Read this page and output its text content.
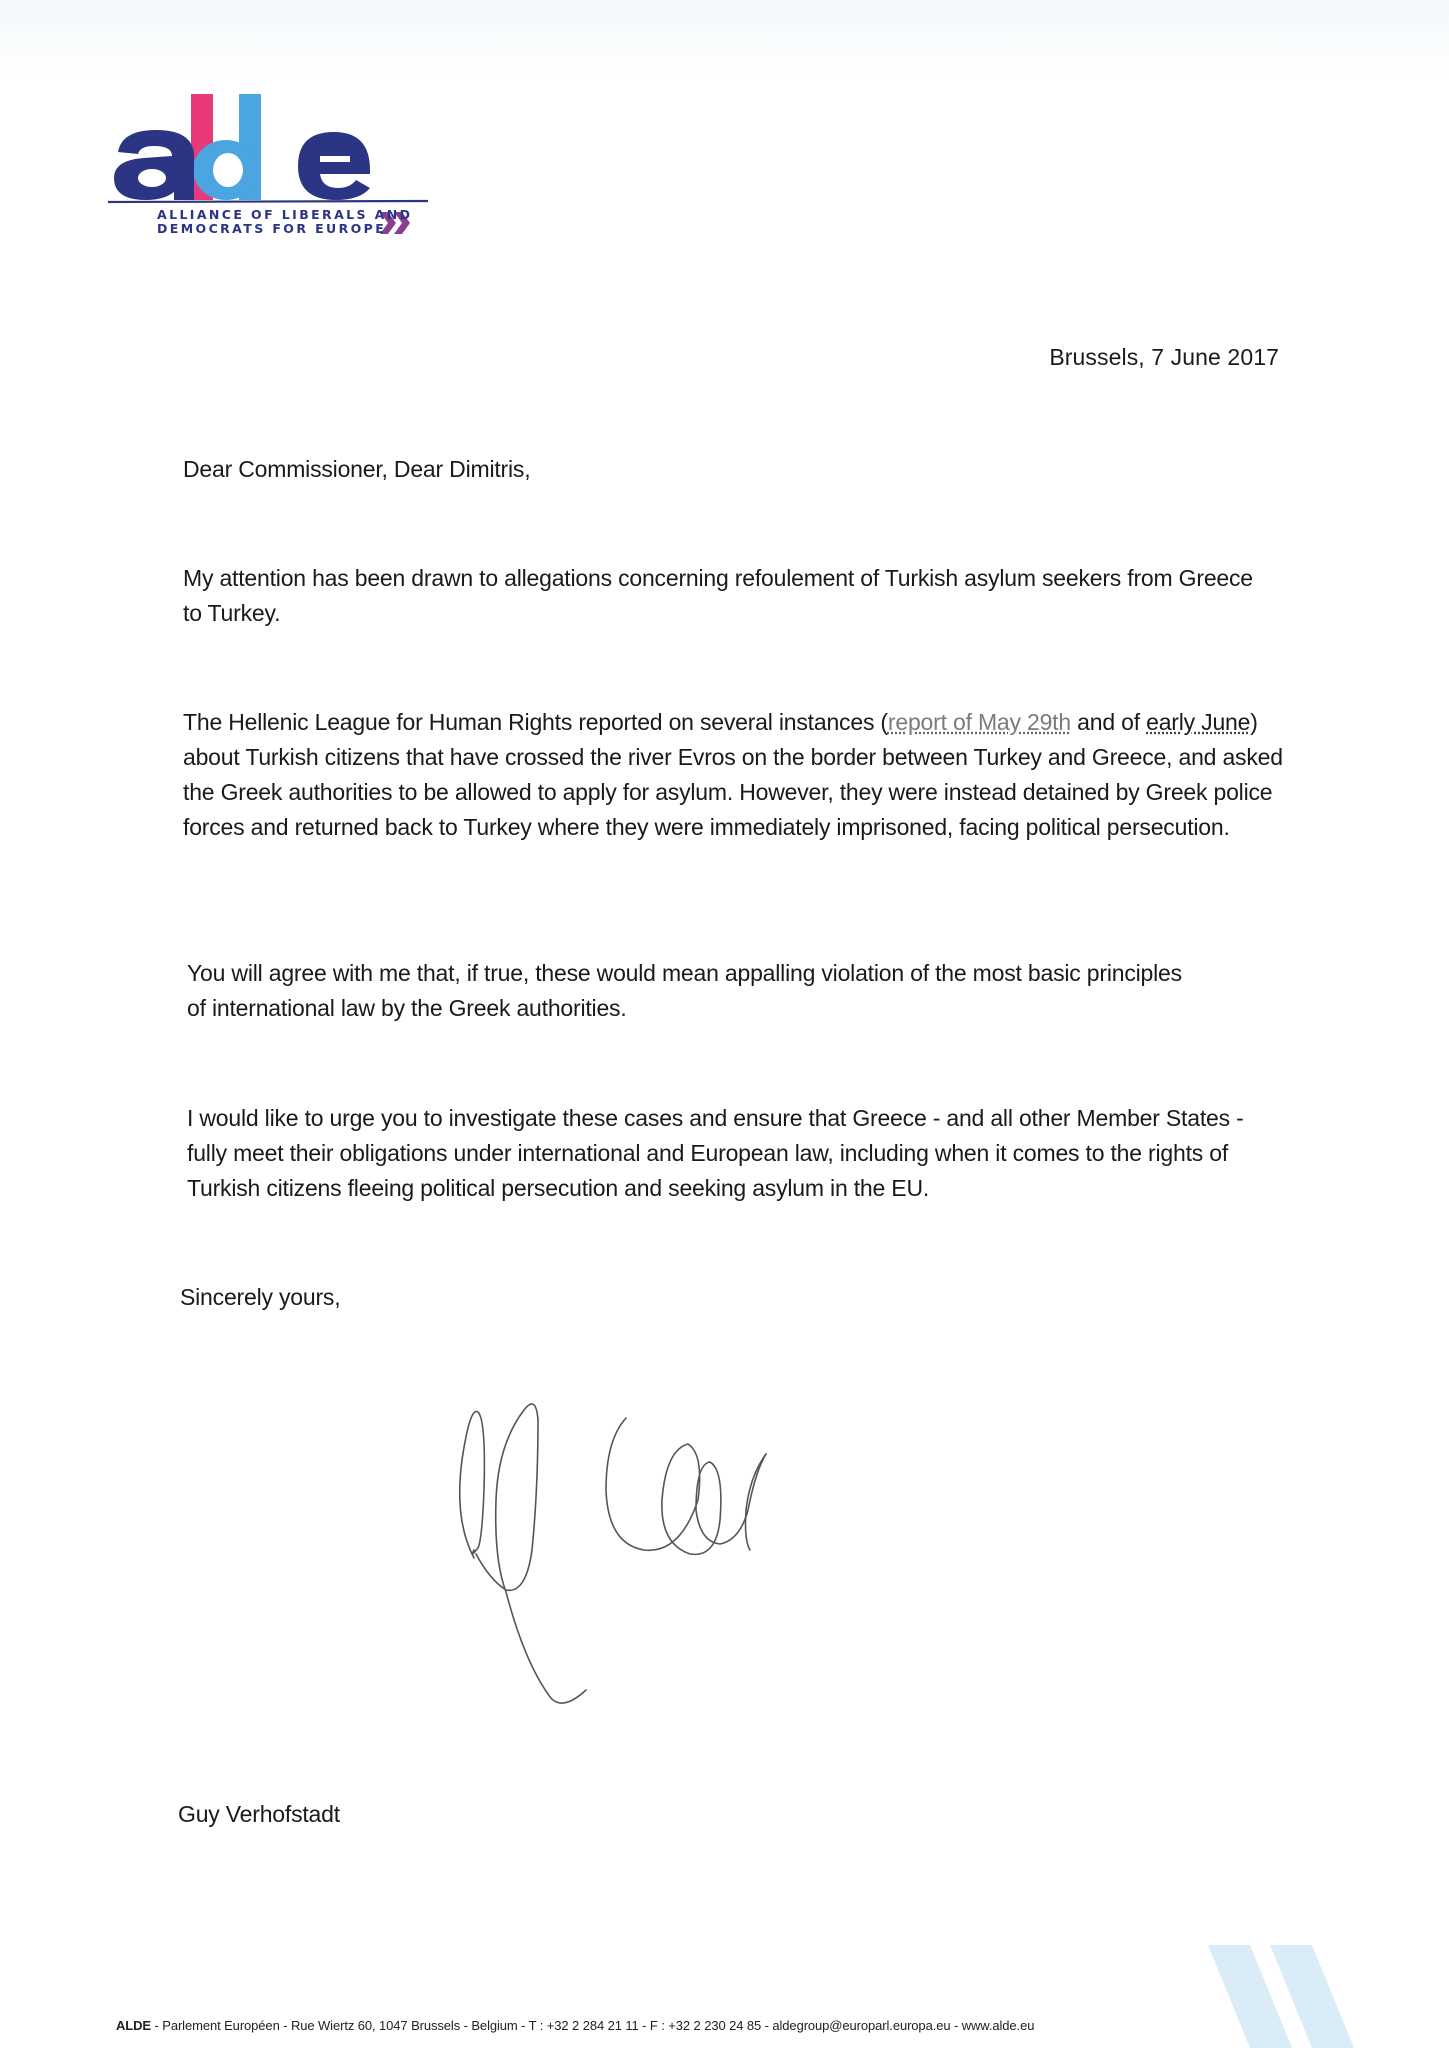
ALLIANCE OF LIBERALS AND
DEMOCRATS FOR EUROPE
Brussels, 7 June 2017
Dear Commissioner, Dear Dimitris,
My attention has been drawn to allegations concerning refoulement of Turkish asylum seekers from Greece to Turkey.
The Hellenic League for Human Rights reported on several instances (report of May 29th and of early June) about Turkish citizens that have crossed the river Evros on the border between Turkey and Greece, and asked the Greek authorities to be allowed to apply for asylum. However, they were instead detained by Greek police forces and returned back to Turkey where they were immediately imprisoned, facing political persecution.
You will agree with me that, if true, these would mean appalling violation of the most basic principles of international law by the Greek authorities.
I would like to urge you to investigate these cases and ensure that Greece - and all other Member States - fully meet their obligations under international and European law, including when it comes to the rights of Turkish citizens fleeing political persecution and seeking asylum in the EU.
Sincerely yours,
Guy Verhofstadt
ALDE - Parlement Européen - Rue Wiertz 60, 1047 Brussels - Belgium - T : +32 2 284 21 11 - F : +32 2 230 24 85 - aldegroup@europarl.europa.eu - www.alde.eu
